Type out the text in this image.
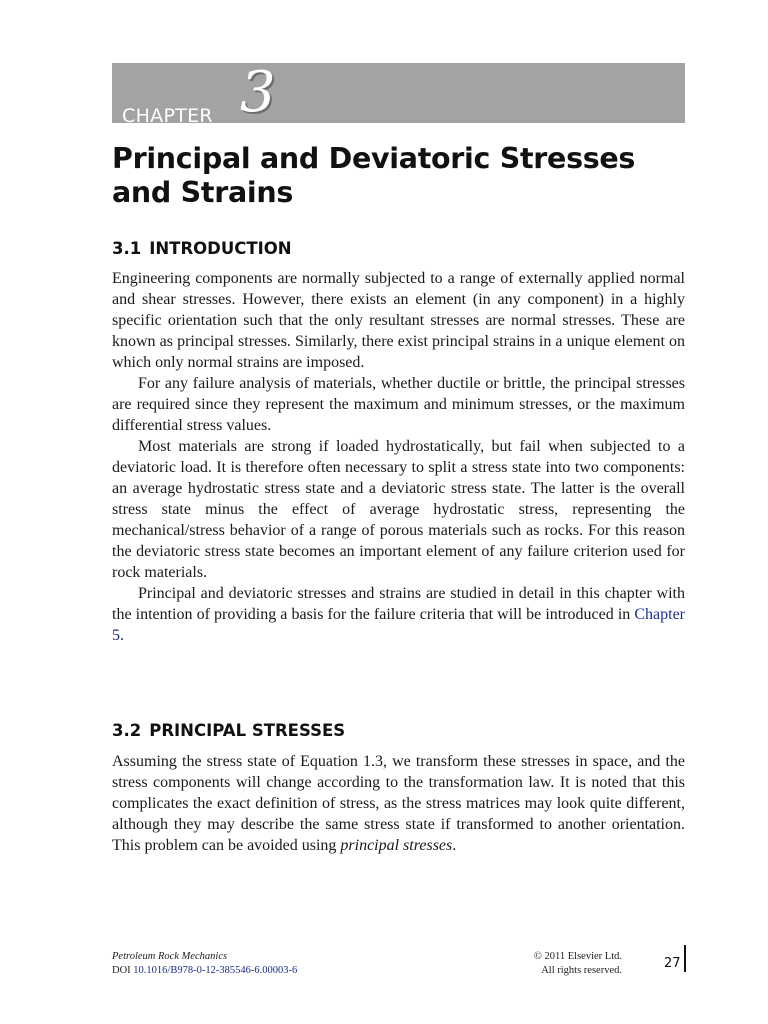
CHAPTER 3
Principal and Deviatoric Stresses
and Strains
3.1 INTRODUCTION

Engineering components are normally subjected to a range of externally applied normal and shear stresses. However, there exists an element (in any component) in a highly specific orientation such that the only resultant stresses are normal stresses. These are known as principal stresses. Similarly, there exist principal strains in a unique element on which only normal strains are imposed.

For any failure analysis of materials, whether ductile or brittle, the principal stresses are required since they represent the maximum and minimum stresses, or the maximum differential stress values.

Most materials are strong if loaded hydrostatically, but fail when subjected to a deviatoric load. It is therefore often necessary to split a stress state into two components: an average hydrostatic stress state and a deviatoric stress state. The latter is the overall stress state minus the effect of average hydrostatic stress, representing the mechanical/stress behavior of a range of porous materials such as rocks. For this reason the deviatoric stress state becomes an important element of any failure criterion used for rock materials.

Principal and deviatoric stresses and strains are studied in detail in this chapter with the intention of providing a basis for the failure criteria that will be introduced in Chapter 5.

3.2 PRINCIPAL STRESSES

Assuming the stress state of Equation 1.3, we transform these stresses in space, and the stress components will change according to the transformation law. It is noted that this complicates the exact definition of stress, as the stress matrices may look quite different, although they may describe the same stress state if transformed to another orientation. This problem can be avoided using principal stresses.

Petroleum Rock Mechanics
DOI 10.1016/B978-0-12-385546-6.00003-6
© 2011 Elsevier Ltd.
All rights reserved.	27
